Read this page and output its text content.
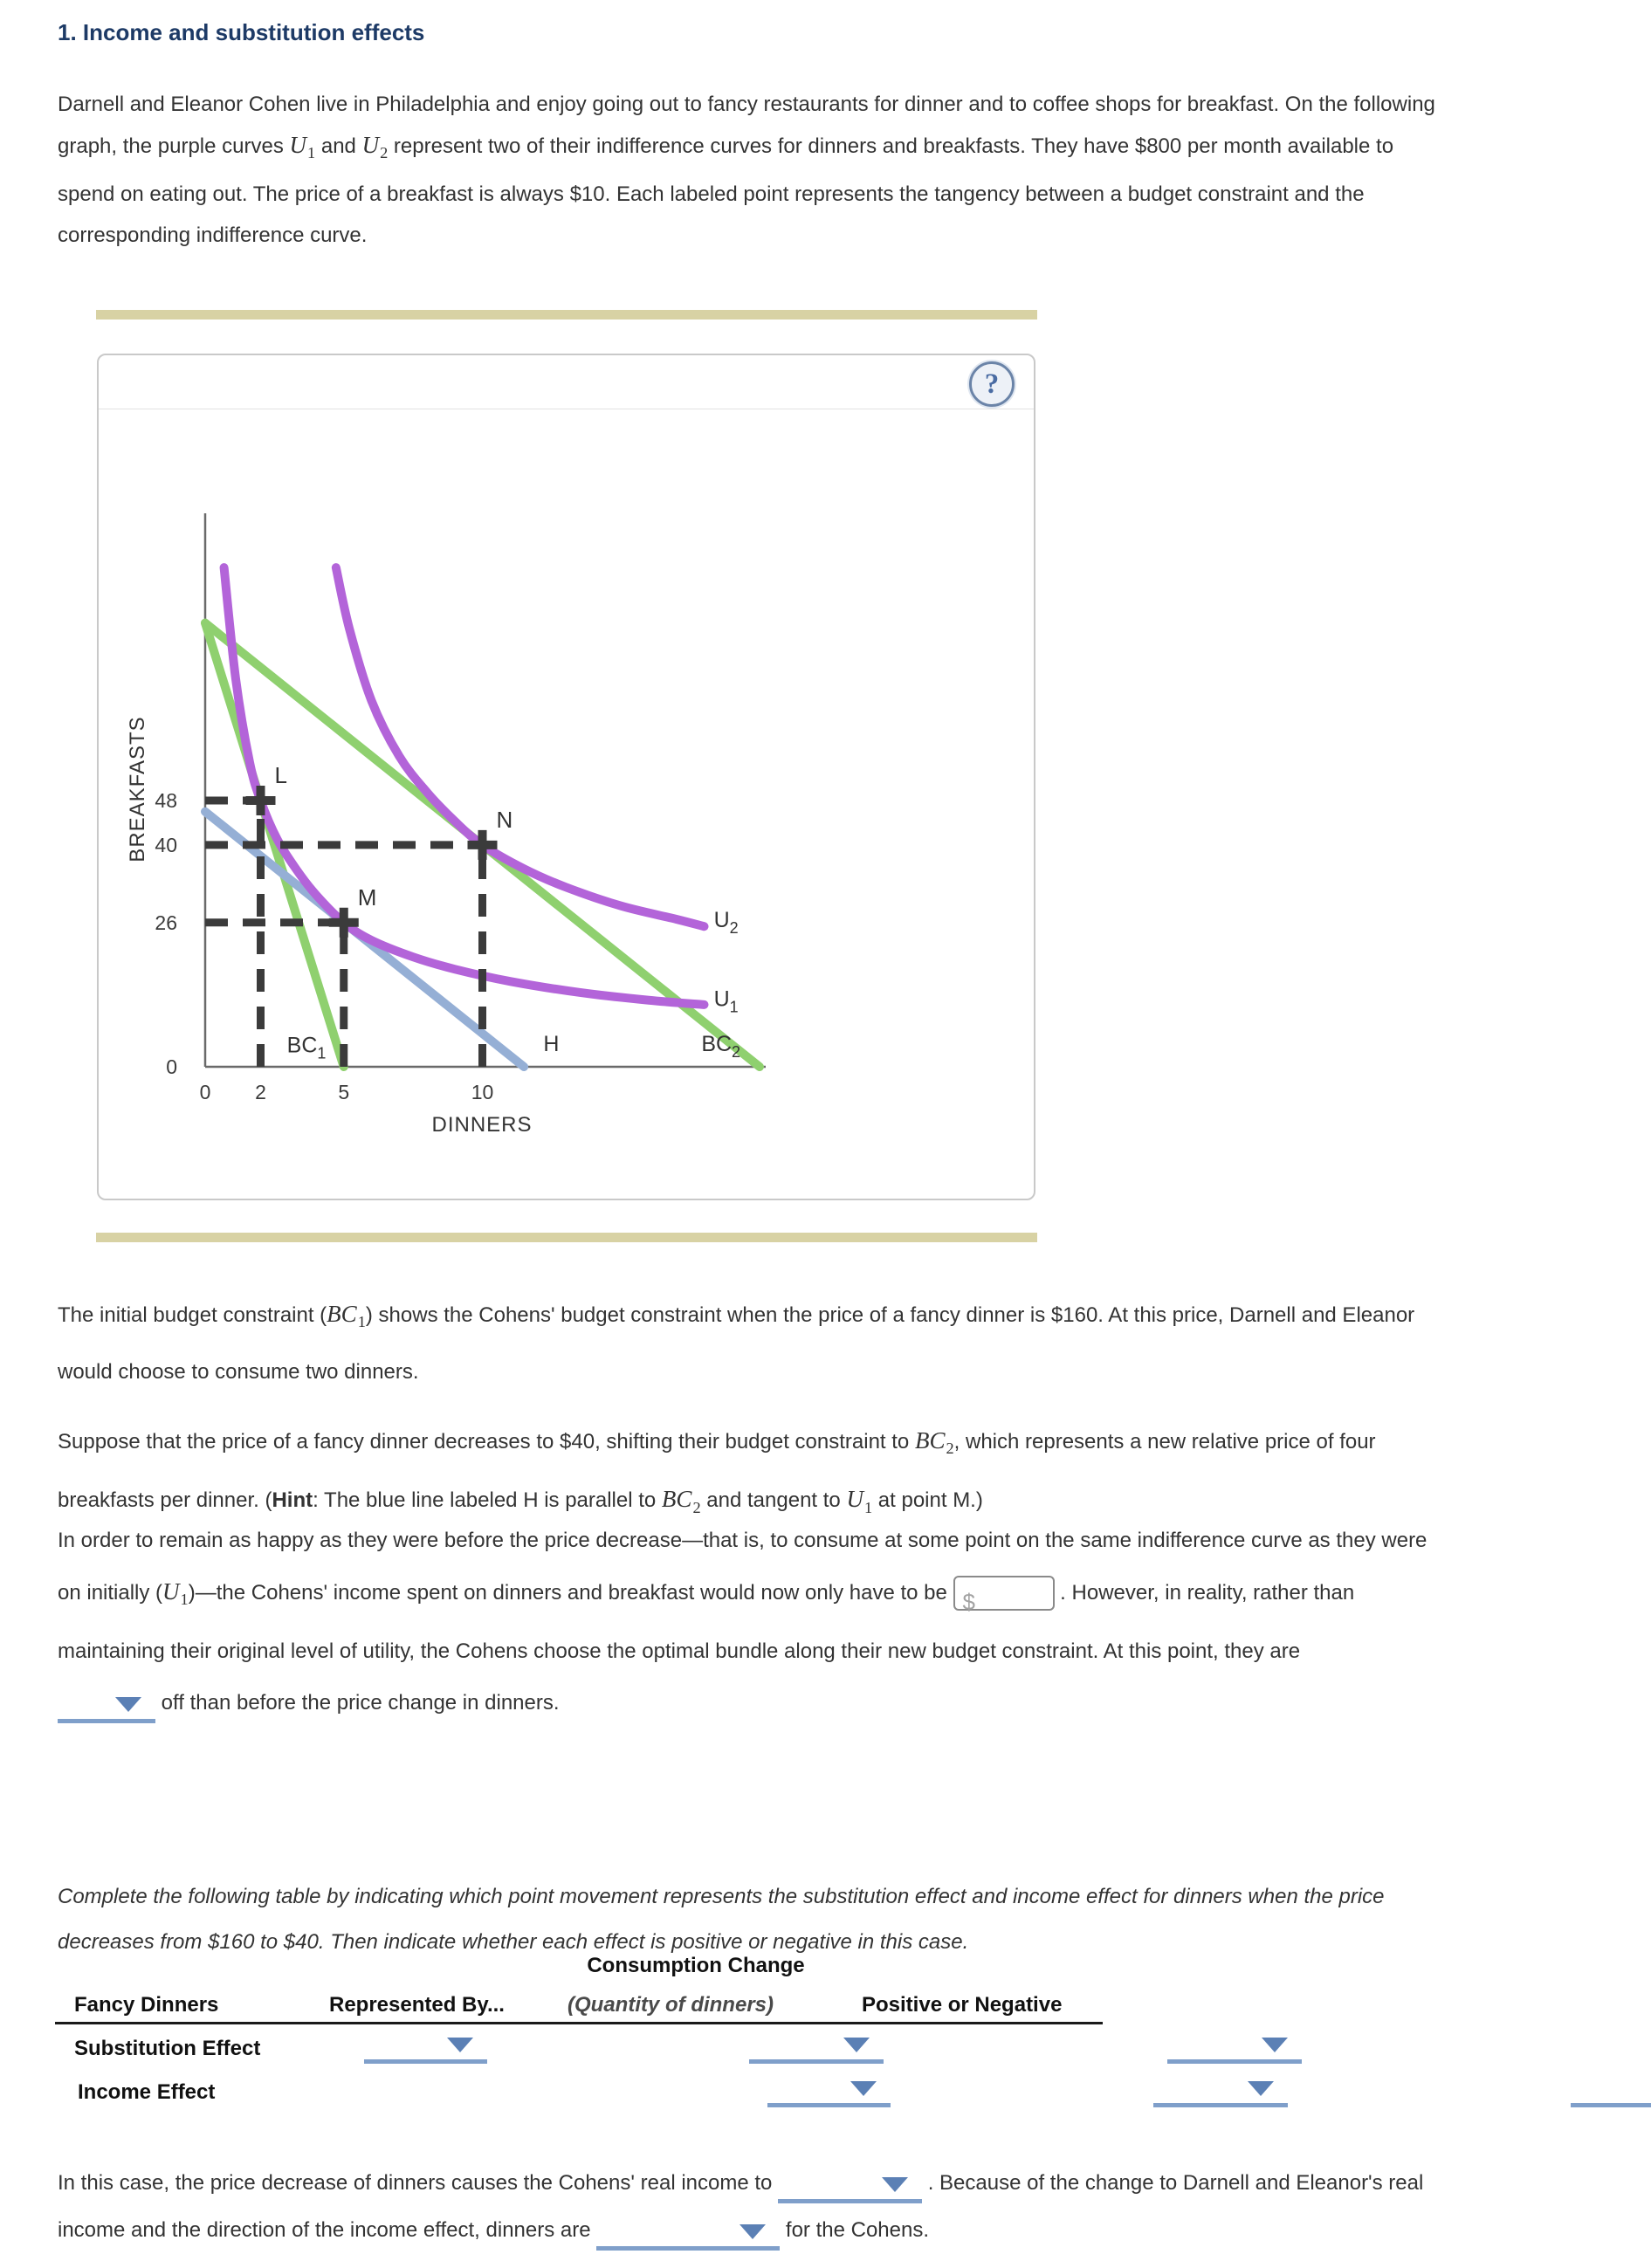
1. Income and substitution effects
Darnell and Eleanor Cohen live in Philadelphia and enjoy going out to fancy restaurants for dinner and to coffee shops for breakfast. On the following
graph, the purple curves $U_1$ and $U_2$ represent two of their indifference curves for dinners and breakfasts. They have $800 per month available to
spend on eating out. The price of a breakfast is always $10. Each labeled point represents the tangency between a budget constraint and the
corresponding indifference curve.
?
L
M
N
$U_2$
$U_1$
$BC_1$	$BC_2$
H
0
26
40
48
0 2	5	10
DINNERS
BREAKFASTS
The initial budget constraint $(BC_1)$ shows the Cohens' budget constraint when the price of a fancy dinner is $160. At this price, Darnell and Eleanor
would choose to consume two dinners.
Suppose that the price of a fancy dinner decreases to $40, shifting their budget constraint to $BC_2$, which represents a new relative price of four
breakfasts per dinner. (Hint: The blue line labeled H is parallel to $BC_2$ and tangent to $U_1$ at point M.)
In order to remain as happy as they were before the price decrease—that is, to consume at some point on the same indifference curve as they were
on initially $(U_1)—the$ Cohens' income spent on dinners and breakfast would now only have to be $	. However, in reality, rather than
maintaining their original level of utility, the Cohens choose the optimal bundle along their new budget constraint. At this point, they are
off than before the price change in dinners.
Complete the following table by indicating which point movement represents the substitution effect and income effect for dinners when the price
decreases from $160 to $40. Then indicate whether each effect is positive or negative in this case.
Consumption Change
Fancy Dinners	Represented By...	(Quantity of dinners)	Positive or Negative
Substitution Effect

Income Effect

In this case, the price decrease of dinners causes the Cohens' real income to	. Because of the change to Darnell and Eleanor's real
income and the direction of the income effect, dinners are	for the Cohens.
